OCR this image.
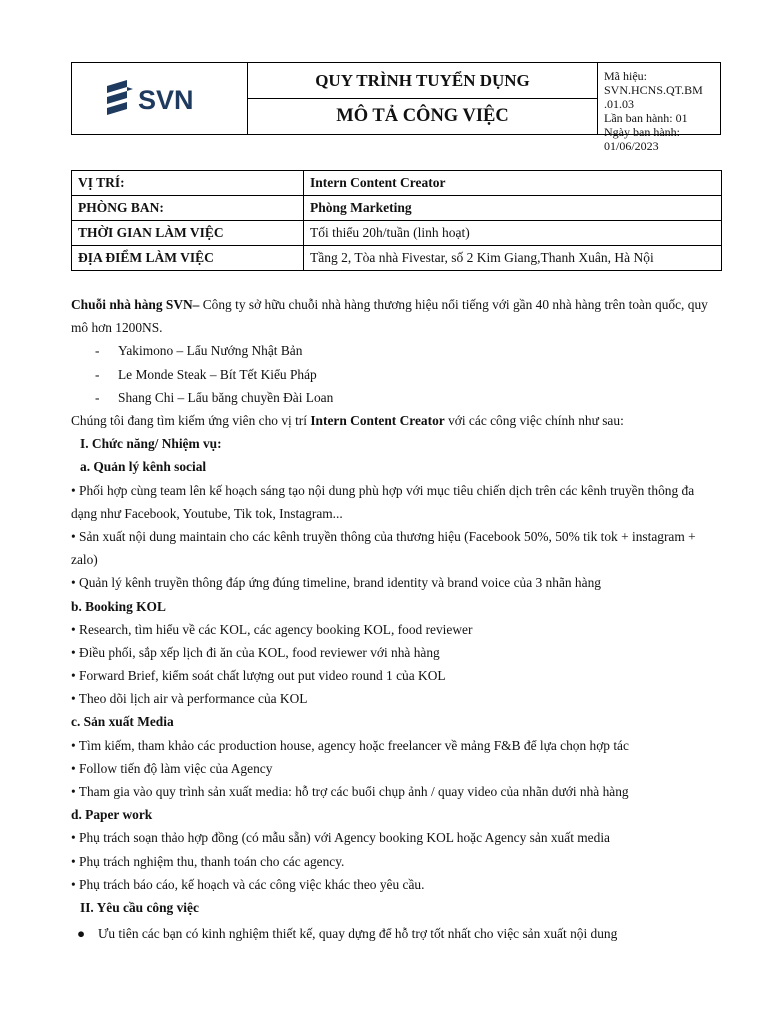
SVN
QUY TRÌNH TUYỂN DỤNG
MÔ TẢ CÔNG VIỆC
Mã hiệu:
SVN.HCNS.QT.BM .01.03
Lần ban hành: 01
Ngày ban hành: 01/06/2023
VỊ TRÍ:	Intern Content Creator
PHÒNG BAN:	Phòng Marketing
THỜI GIAN LÀM VIỆC	Tối thiểu 20h/tuần (linh hoạt)
ĐỊA ĐIỂM LÀM VIỆC	Tầng 2, Tòa nhà Fivestar, số 2 Kim Giang,Thanh Xuân, Hà Nội
Chuỗi nhà hàng SVN– Công ty sở hữu chuỗi nhà hàng thương hiệu nổi tiếng với gần 40 nhà hàng trên toàn quốc, quy mô hơn 1200NS.
- Yakimono – Lẩu Nướng Nhật Bản
- Le Monde Steak – Bít Tết Kiểu Pháp
- Shang Chi – Lẩu băng chuyền Đài Loan
Chúng tôi đang tìm kiếm ứng viên cho vị trí Intern Content Creator với các công việc chính như sau:
I. Chức năng/ Nhiệm vụ:
a. Quản lý kênh social
• Phối hợp cùng team lên kế hoạch sáng tạo nội dung phù hợp với mục tiêu chiến dịch trên các kênh truyền thông đa dạng như Facebook, Youtube, Tik tok, Instagram...
• Sản xuất nội dung maintain cho các kênh truyền thông của thương hiệu (Facebook 50%, 50% tik tok + instagram + zalo)
• Quản lý kênh truyền thông đáp ứng đúng timeline, brand identity và brand voice của 3 nhãn hàng
b. Booking KOL
• Research, tìm hiểu về các KOL, các agency booking KOL, food reviewer
• Điều phối, sắp xếp lịch đi ăn của KOL, food reviewer với nhà hàng
• Forward Brief, kiểm soát chất lượng out put video round 1 của KOL
• Theo dõi lịch air và performance của KOL
c. Sản xuất Media
• Tìm kiếm, tham khảo các production house, agency hoặc freelancer về mảng F&B để lựa chọn hợp tác
• Follow tiến độ làm việc của Agency
• Tham gia vào quy trình sản xuất media: hỗ trợ các buổi chụp ảnh / quay video của nhãn dưới nhà hàng
d. Paper work
• Phụ trách soạn thảo hợp đồng (có mẫu sẵn) với Agency booking KOL hoặc Agency sản xuất media
• Phụ trách nghiệm thu, thanh toán cho các agency.
• Phụ trách báo cáo, kế hoạch và các công việc khác theo yêu cầu.
II. Yêu cầu công việc
● Ưu tiên các bạn có kinh nghiệm thiết kế, quay dựng để hỗ trợ tốt nhất cho việc sản xuất nội dung
